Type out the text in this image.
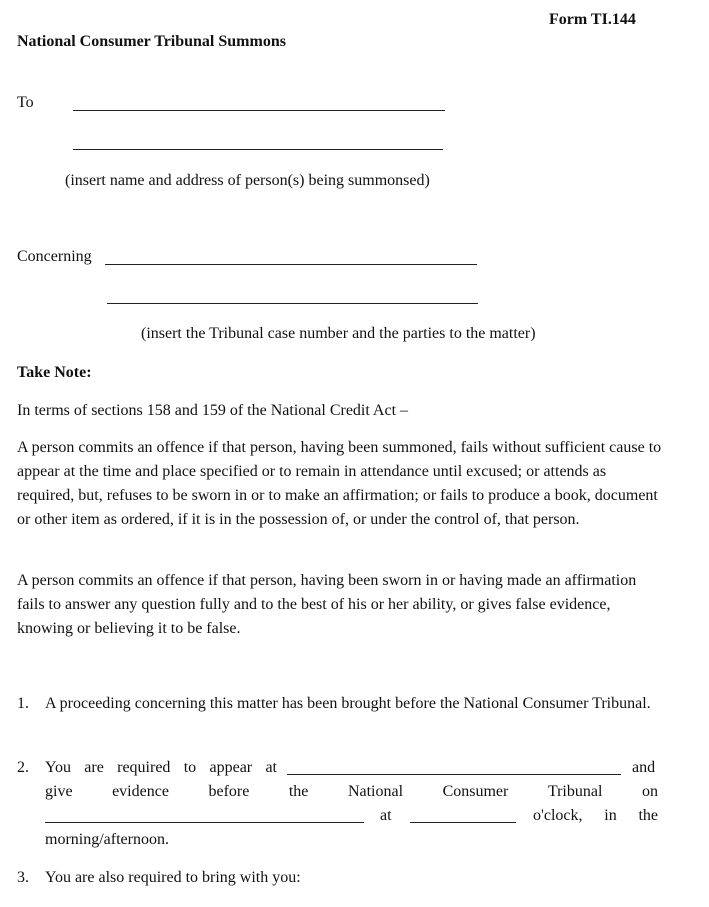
Form TI.144
National Consumer Tribunal Summons
To
(insert name and address of person(s) being summonsed)
Concerning
(insert the Tribunal case number and the parties to the matter)
Take Note:
In terms of sections 158 and 159 of the National Credit Act –
A person commits an offence if that person, having been summoned, fails without sufficient cause to appear at the time and place specified or to remain in attendance until excused; or attends as required, but, refuses to be sworn in or to make an affirmation; or fails to produce a book, document or other item as ordered, if it is in the possession of, or under the control of, that person.
A person commits an offence if that person, having been sworn in or having made an affirmation fails to answer any question fully and to the best of his or her ability, or gives false evidence, knowing or believing it to be false.
1. A proceeding concerning this matter has been brought before the National Consumer Tribunal.
2. You are required to appear at	and
give evidence before the National Consumer Tribunal on
at	o'clock, in the
morning/afternoon.
3. You are also required to bring with you:
